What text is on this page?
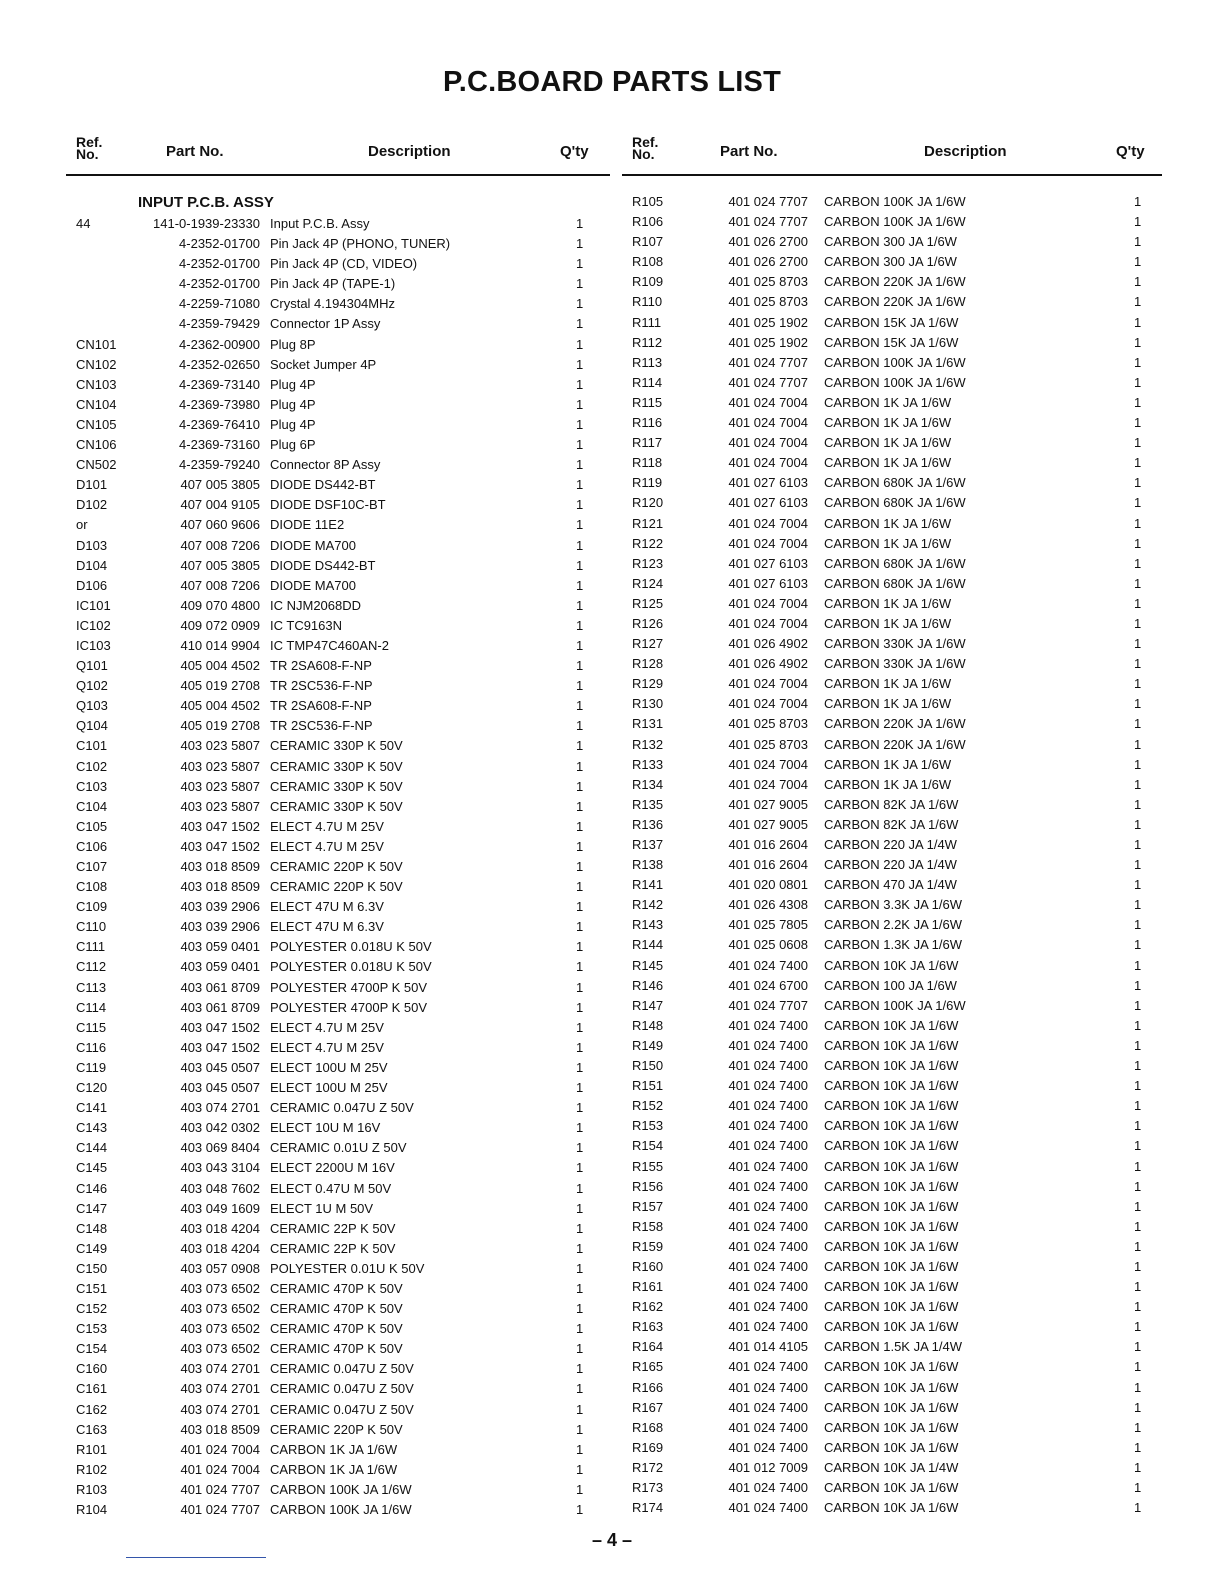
P.C.BOARD PARTS LIST
Ref. No.	Part No.	Description	Q'ty
INPUT P.C.B. ASSY
44	141-0-1939-23330 Input P.C.B. Assy	1
4-2352-01700 Pin Jack 4P (PHONO, TUNER)	1
4-2352-01700 Pin Jack 4P (CD, VIDEO)	1
4-2352-01700 Pin Jack 4P (TAPE-1)	1
4-2259-71080 Crystal 4.194304MHz	1
4-2359-79429 Connector 1P Assy	1
CN101	4-2362-00900 Plug 8P	1
CN102	4-2352-02650 Socket Jumper 4P	1
CN103	4-2369-73140 Plug 4P	1
CN104	4-2369-73980 Plug 4P	1
CN105	4-2369-76410 Plug 4P	1
CN106	4-2369-73160 Plug 6P	1
CN502	4-2359-79240 Connector 8P Assy	1
D101	407 005 3805 DIODE DS442-BT	1
D102	407 004 9105 DIODE DSF10C-BT	1
or	407 060 9606 DIODE 11E2	1
D103	407 008 7206 DIODE MA700	1
D104	407 005 3805 DIODE DS442-BT	1
D106	407 008 7206 DIODE MA700	1
IC101	409 070 4800 IC NJM2068DD	1
IC102	409 072 0909 IC TC9163N	1
IC103	410 014 9904 IC TMP47C460AN-2	1
Q101	405 004 4502 TR 2SA608-F-NP	1
Q102	405 019 2708 TR 2SC536-F-NP	1
Q103	405 004 4502 TR 2SA608-F-NP	1
Q104	405 019 2708 TR 2SC536-F-NP	1
C101	403 023 5807 CERAMIC 330P K 50V	1
C102	403 023 5807 CERAMIC 330P K 50V	1
C103	403 023 5807 CERAMIC 330P K 50V	1
C104	403 023 5807 CERAMIC 330P K 50V	1
C105	403 047 1502 ELECT 4.7U M 25V	1
C106	403 047 1502 ELECT 4.7U M 25V	1
C107	403 018 8509 CERAMIC 220P K 50V	1
C108	403 018 8509 CERAMIC 220P K 50V	1
C109	403 039 2906 ELECT 47U M 6.3V	1
C110	403 039 2906 ELECT 47U M 6.3V	1
C111	403 059 0401 POLYESTER 0.018U K 50V	1
C112	403 059 0401 POLYESTER 0.018U K 50V	1
C113	403 061 8709 POLYESTER 4700P K 50V	1
C114	403 061 8709 POLYESTER 4700P K 50V	1
C115	403 047 1502 ELECT 4.7U M 25V	1
C116	403 047 1502 ELECT 4.7U M 25V	1
C119	403 045 0507 ELECT 100U M 25V	1
C120	403 045 0507 ELECT 100U M 25V	1
C141	403 074 2701 CERAMIC 0.047U Z 50V	1
C143	403 042 0302 ELECT 10U M 16V	1
C144	403 069 8404 CERAMIC 0.01U Z 50V	1
C145	403 043 3104 ELECT 2200U M 16V	1
C146	403 048 7602 ELECT 0.47U M 50V	1
C147	403 049 1609 ELECT 1U M 50V	1
C148	403 018 4204 CERAMIC 22P K 50V	1
C149	403 018 4204 CERAMIC 22P K 50V	1
C150	403 057 0908 POLYESTER 0.01U K 50V	1
C151	403 073 6502 CERAMIC 470P K 50V	1
C152	403 073 6502 CERAMIC 470P K 50V	1
C153	403 073 6502 CERAMIC 470P K 50V	1
C154	403 073 6502 CERAMIC 470P K 50V	1
C160	403 074 2701 CERAMIC 0.047U Z 50V	1
C161	403 074 2701 CERAMIC 0.047U Z 50V	1
C162	403 074 2701 CERAMIC 0.047U Z 50V	1
C163	403 018 8509 CERAMIC 220P K 50V	1
R101	401 024 7004 CARBON 1K JA 1/6W	1
R102	401 024 7004 CARBON 1K JA 1/6W	1
R103	401 024 7707 CARBON 100K JA 1/6W	1
R104	401 024 7707 CARBON 100K JA 1/6W	1
Ref. No.	Part No.	Description	Q'ty
R105	401 024 7707 CARBON 100K JA 1/6W	1
R106	401 024 7707 CARBON 100K JA 1/6W	1
R107	401 026 2700 CARBON 300 JA 1/6W	1
R108	401 026 2700 CARBON 300 JA 1/6W	1
R109	401 025 8703 CARBON 220K JA 1/6W	1
R110	401 025 8703 CARBON 220K JA 1/6W	1
R111	401 025 1902 CARBON 15K JA 1/6W	1
R112	401 025 1902 CARBON 15K JA 1/6W	1
R113	401 024 7707 CARBON 100K JA 1/6W	1
R114	401 024 7707 CARBON 100K JA 1/6W	1
R115	401 024 7004 CARBON 1K JA 1/6W	1
R116	401 024 7004 CARBON 1K JA 1/6W	1
R117	401 024 7004 CARBON 1K JA 1/6W	1
R118	401 024 7004 CARBON 1K JA 1/6W	1
R119	401 027 6103 CARBON 680K JA 1/6W	1
R120	401 027 6103 CARBON 680K JA 1/6W	1
R121	401 024 7004 CARBON 1K JA 1/6W	1
R122	401 024 7004 CARBON 1K JA 1/6W	1
R123	401 027 6103 CARBON 680K JA 1/6W	1
R124	401 027 6103 CARBON 680K JA 1/6W	1
R125	401 024 7004 CARBON 1K JA 1/6W	1
R126	401 024 7004 CARBON 1K JA 1/6W	1
R127	401 026 4902 CARBON 330K JA 1/6W	1
R128	401 026 4902 CARBON 330K JA 1/6W	1
R129	401 024 7004 CARBON 1K JA 1/6W	1
R130	401 024 7004 CARBON 1K JA 1/6W	1
R131	401 025 8703 CARBON 220K JA 1/6W	1
R132	401 025 8703 CARBON 220K JA 1/6W	1
R133	401 024 7004 CARBON 1K JA 1/6W	1
R134	401 024 7004 CARBON 1K JA 1/6W	1
R135	401 027 9005 CARBON 82K JA 1/6W	1
R136	401 027 9005 CARBON 82K JA 1/6W	1
R137	401 016 2604 CARBON 220 JA 1/4W	1
R138	401 016 2604 CARBON 220 JA 1/4W	1
R141	401 020 0801 CARBON 470 JA 1/4W	1
R142	401 026 4308 CARBON 3.3K JA 1/6W	1
R143	401 025 7805 CARBON 2.2K JA 1/6W	1
R144	401 025 0608 CARBON 1.3K JA 1/6W	1
R145	401 024 7400 CARBON 10K JA 1/6W	1
R146	401 024 6700 CARBON 100 JA 1/6W	1
R147	401 024 7707 CARBON 100K JA 1/6W	1
R148	401 024 7400 CARBON 10K JA 1/6W	1
R149	401 024 7400 CARBON 10K JA 1/6W	1
R150	401 024 7400 CARBON 10K JA 1/6W	1
R151	401 024 7400 CARBON 10K JA 1/6W	1
R152	401 024 7400 CARBON 10K JA 1/6W	1
R153	401 024 7400 CARBON 10K JA 1/6W	1
R154	401 024 7400 CARBON 10K JA 1/6W	1
R155	401 024 7400 CARBON 10K JA 1/6W	1
R156	401 024 7400 CARBON 10K JA 1/6W	1
R157	401 024 7400 CARBON 10K JA 1/6W	1
R158	401 024 7400 CARBON 10K JA 1/6W	1
R159	401 024 7400 CARBON 10K JA 1/6W	1
R160	401 024 7400 CARBON 10K JA 1/6W	1
R161	401 024 7400 CARBON 10K JA 1/6W	1
R162	401 024 7400 CARBON 10K JA 1/6W	1
R163	401 024 7400 CARBON 10K JA 1/6W	1
R164	401 014 4105 CARBON 1.5K JA 1/4W	1
R165	401 024 7400 CARBON 10K JA 1/6W	1
R166	401 024 7400 CARBON 10K JA 1/6W	1
R167	401 024 7400 CARBON 10K JA 1/6W	1
R168	401 024 7400 CARBON 10K JA 1/6W	1
R169	401 024 7400 CARBON 10K JA 1/6W	1
R172	401 012 7009 CARBON 10K JA 1/4W	1
R173	401 024 7400 CARBON 10K JA 1/6W	1
R174	401 024 7400 CARBON 10K JA 1/6W	1
– 4 –
